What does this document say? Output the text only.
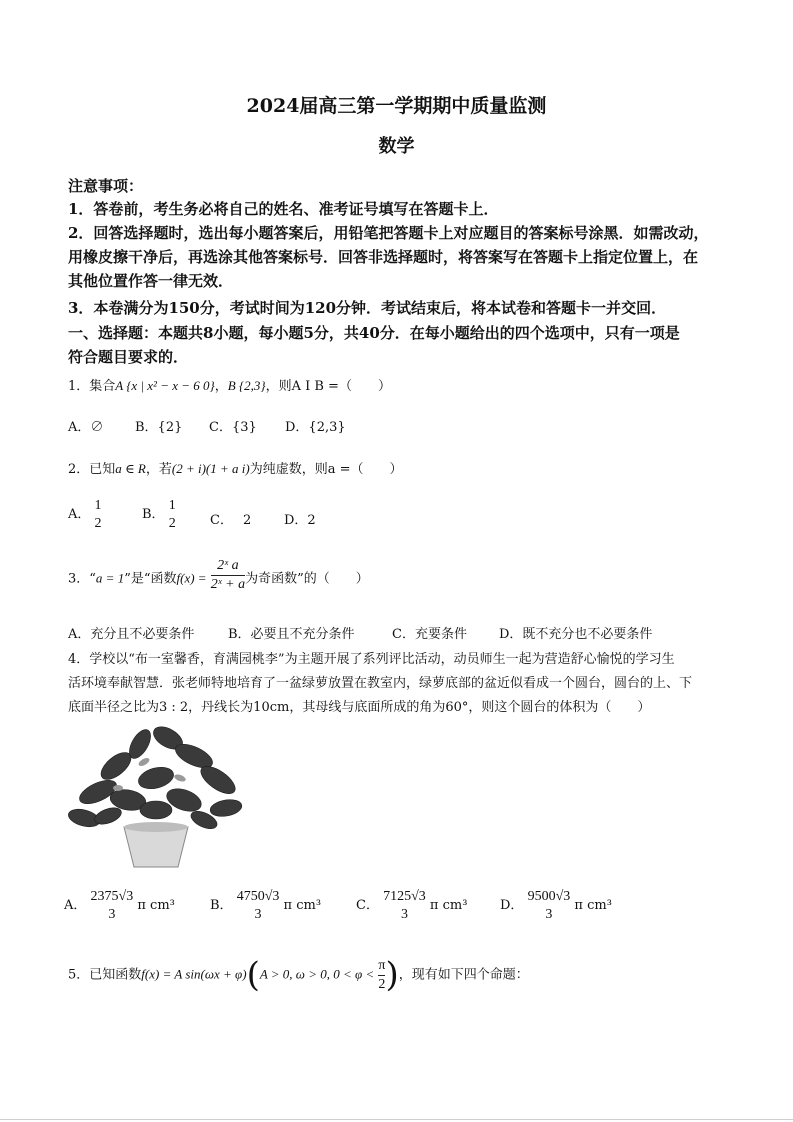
2024届高三第一学期期中质量监测
数学
注意事项：
1．答卷前，考生务必将自己的姓名、准考证号填写在答题卡上．
2．回答选择题时，选出每小题答案后，用铅笔把答题卡上对应题目的答案标号涂黑．如需改动，
用橡皮擦干净后，再选涂其他答案标号．回答非选择题时，将答案写在答题卡上指定位置上，在
其他位置作答一律无效．
3．本卷满分为150分，考试时间为120分钟．考试结束后，将本试卷和答题卡一并交回．
一、选择题：本题共8小题，每小题5分，共40分．在每小题给出的四个选项中，只有一项是
符合题目要求的．
1．集合A {x | x² − x − 6 0}，B {2,3}，则A I B =（　　）
A．∅ B．{2} C．{3} D．{2,3}
2．已知a ∈ R，若(2 + i)(1 + a i)为纯虚数，则a =（　　）
A．
1
2
B．
1
2	C． 2	D．2
3．“a = 1”是“函数$f(x) = \frac{\text{2ˣ a}}{\text{2ˣ + a}}$ 为奇函数”的（　　）
A．充分且不必要条件	B．必要且不充分条件	C．充要条件 D．既不充分也不必要条件
4．学校以“布一室馨香，育满园桃李”为主题开展了系列评比活动，动员师生一起为营造舒心愉悦的学习生
活环境奉献智慧．张老师特地培育了一盆绿萝放置在教室内，绿萝底部的盆近似看成一个圆台，圆台的上、下
底面半径之比为3 : 2，丹线长为10cm，其母线与底面所成的角为60°，则这个圆台的体积为（　　）
A．
2375√3
3
π cm³	B．
4750√3
3
π cm³	C．
7125√3
3
π cm³	D．
9500√3
3
π cm³
5．已知函数f(x) = A sin(ωx + φ)(A > 0, ω > 0, $0 < \varphi < \frac{\pi}{2}$ )，现有如下四个命题：
